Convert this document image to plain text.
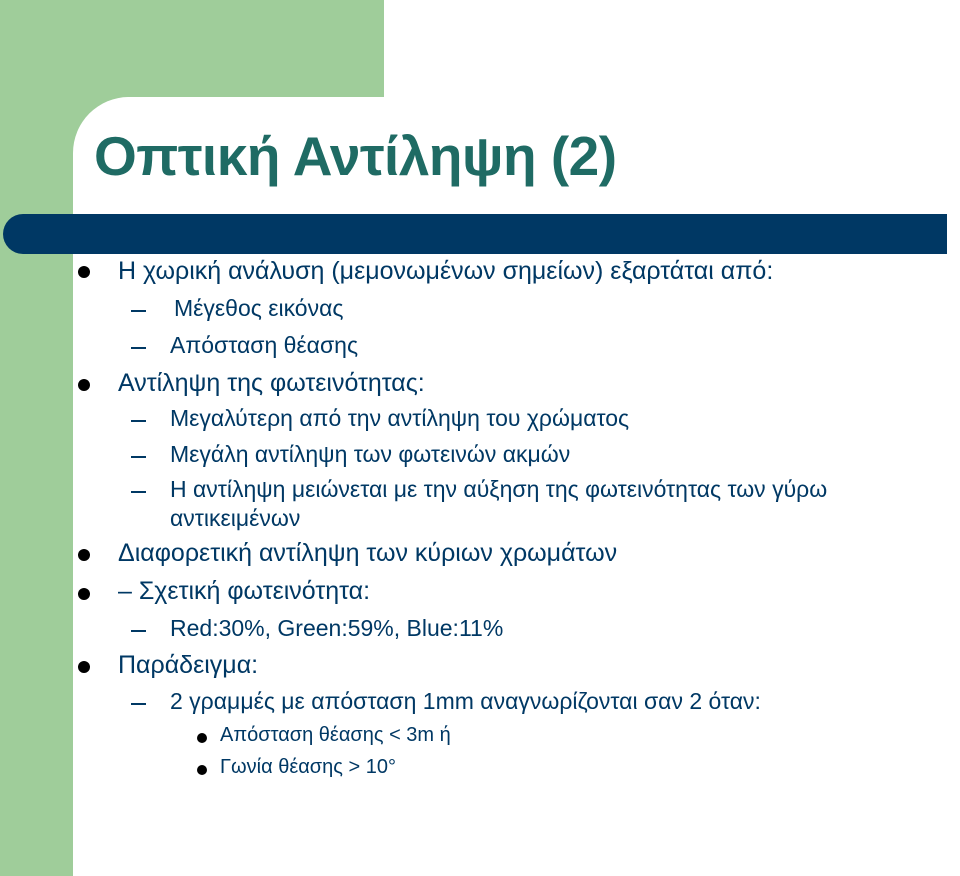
Οπτική Αντίληψη (2)
Η χωρική ανάλυση (μεμονωμένων σημείων) εξαρτάται από:
Μέγεθος εικόνας
Απόσταση θέασης
Αντίληψη της φωτεινότητας:
Μεγαλύτερη από την αντίληψη του χρώματος
Μεγάλη αντίληψη των φωτεινών ακμών
Η αντίληψη μειώνεται με την αύξηση της φωτεινότητας των γύρω
αντικειμένων
Διαφορετική αντίληψη των κύριων χρωμάτων
– Σχετική φωτεινότητα:
Red:30%, Green:59%, Blue:11%
Παράδειγμα:
2 γραμμές με απόσταση 1mm αναγνωρίζονται σαν 2 όταν:
Απόσταση θέασης < 3m ή
Γωνία θέασης > 10°
